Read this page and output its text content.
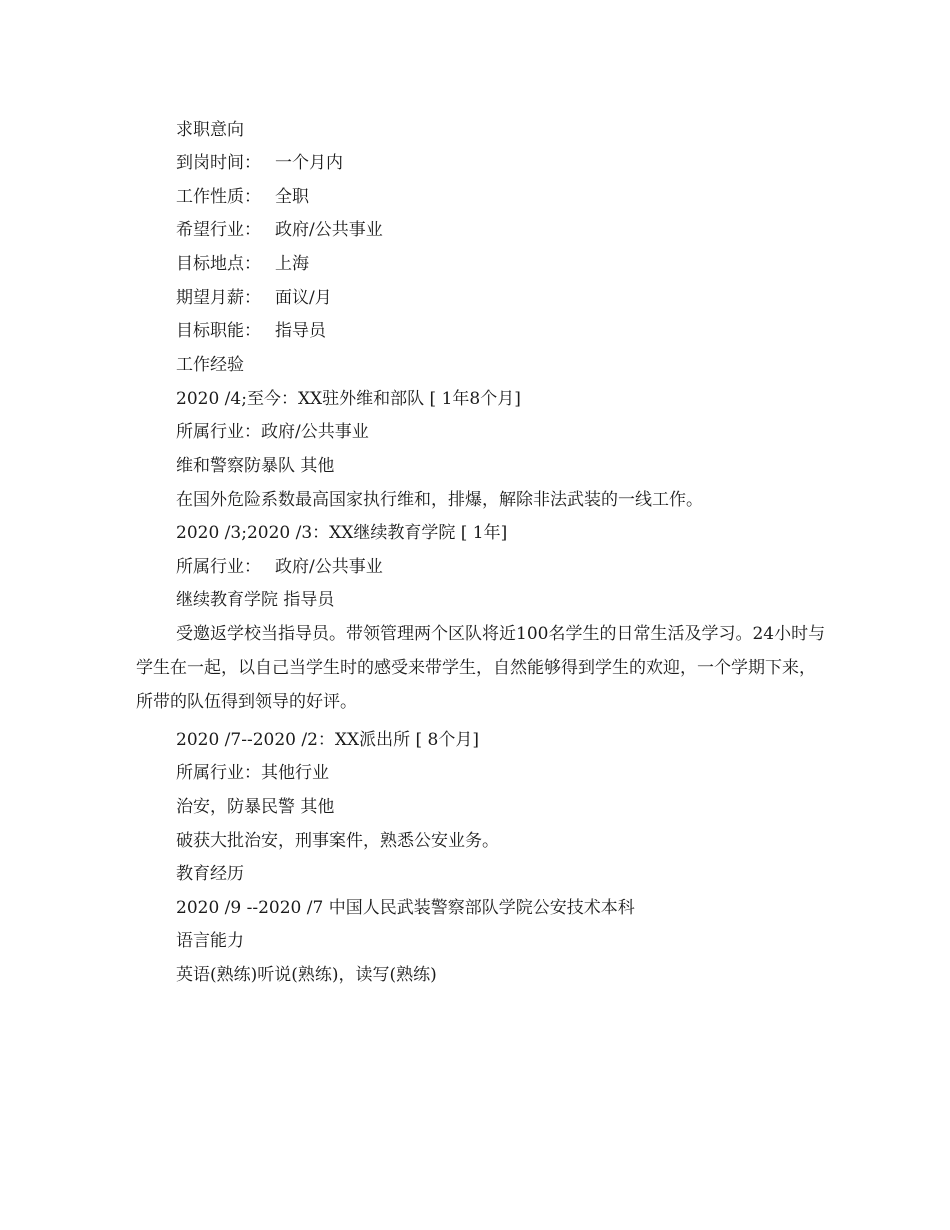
求职意向
到岗时间： 一个月内
工作性质： 全职
希望行业： 政府/公共事业
目标地点： 上海
期望月薪： 面议/月
目标职能： 指导员
工作经验
2020 /4;至今：XX驻外维和部队 [ 1年8个月]
所属行业：政府/公共事业
维和警察防暴队 其他
在国外危险系数最高国家执行维和，排爆，解除非法武装的一线工作。
2020 /3;2020 /3：XX继续教育学院 [ 1年]
所属行业： 政府/公共事业
继续教育学院 指导员
受邀返学校当指导员。带领管理两个区队将近100名学生的日常生活及学习。24小时与学生在一起，以自己当学生时的感受来带学生，自然能够得到学生的欢迎，一个学期下来，所带的队伍得到领导的好评。
2020 /7--2020 /2：XX派出所 [ 8个月]
所属行业：其他行业
治安，防暴民警 其他
破获大批治安，刑事案件，熟悉公安业务。
教育经历
2020 /9 --2020 /7 中国人民武装警察部队学院公安技术本科
语言能力
英语(熟练)听说(熟练)，读写(熟练)
